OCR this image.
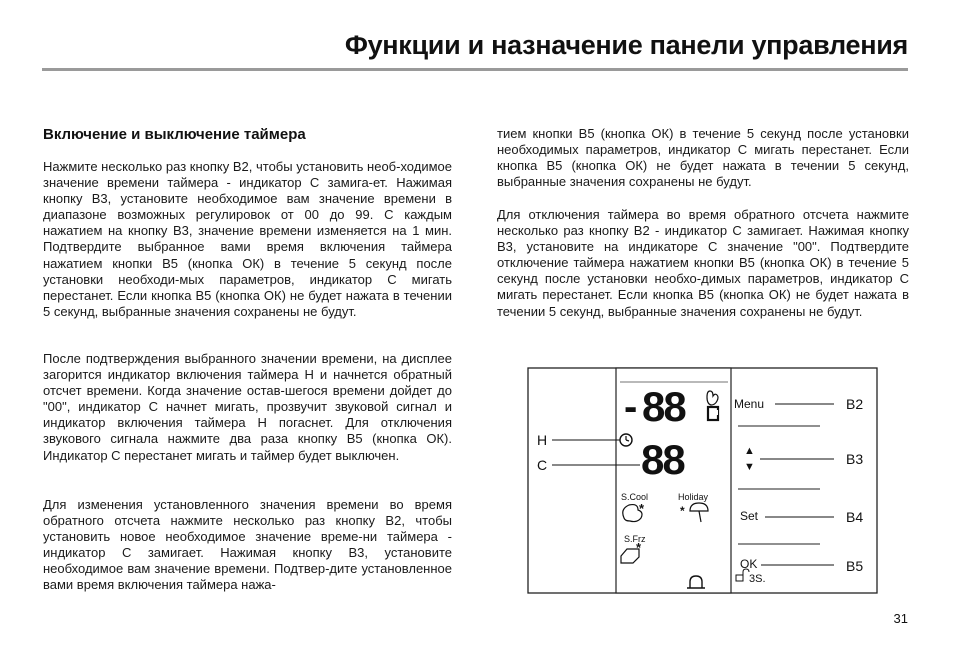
Функции и назначение панели управления
Включение и выключение таймера

Нажмите несколько раз кнопку В2, чтобы установить необ-ходимое значение времени таймера - индикатор С замига-ет. Нажимая кнопку В3, установите необходимое вам значение времени в диапазоне возможных регулировок от 00 до 99. С каждым нажатием на кнопку В3, значение времени изменяется на 1 мин. Подтвердите выбранное вами время включения таймера нажатием кнопки В5 (кнопка ОК) в течение 5 секунд после установки необходи-мых параметров, индикатор С мигать перестанет. Если кнопка В5 (кнопка ОК) не будет нажата в течении 5 секунд, выбранные значения сохранены не будут.

После подтверждения выбранного значении времени, на дисплее загорится индикатор включения таймера Н и начнется обратный отсчет времени. Когда значение остав-шегося времени дойдет до "00", индикатор С начнет мигать, прозвучит звуковой сигнал и индикатор включения таймера Н погаснет. Для отключения звукового сигнала нажмите два раза кнопку В5 (кнопка ОК). Индикатор С перестанет мигать и таймер будет выключен.

Для изменения установленного значения времени во время обратного отсчета нажмите несколько раз кнопку В2, чтобы установить новое необходимое значение време-ни таймера - индикатор С замигает. Нажимая кнопку В3, установите необходимое вам значение времени. Подтвер-дите установленное вами время включения таймера нажа-

тием кнопки В5 (кнопка ОК) в течение 5 секунд после установки необходимых параметров, индикатор С мигать перестанет. Если кнопка В5 (кнопка ОК) не будет нажата в течении 5 секунд, выбранные значения сохранены не будут.

Для отключения таймера во время обратного отсчета нажмите несколько раз кнопку В2 - индикатор С замигает. Нажимая кнопку В3, установите на индикаторе С значение "00". Подтвердите отключение таймера нажатием кнопки В5 (кнопка ОК) в течение 5 секунд после установки необхо-димых параметров, индикатор С мигать перестанет. Если кнопка В5 (кнопка ОК) не будет нажата в течении 5 секунд, выбранные значения сохранены не будут.

H
C
- 88
88
S.Cool	Holiday
*	*
S.Frz
*
Menu	B2
▲
▼	B3
Set	B4
OK	B5
3S.
31
